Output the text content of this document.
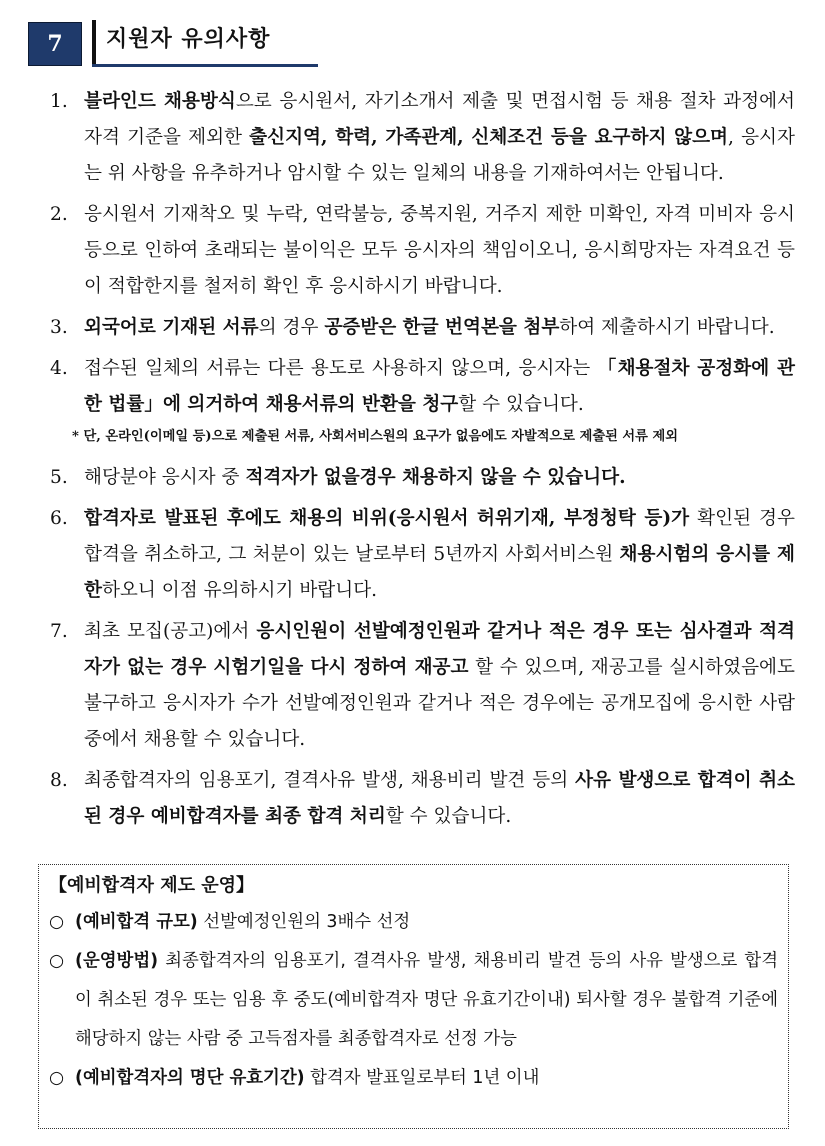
7	지원자 유의사항
1. 블라인드 채용방식으로 응시원서, 자기소개서 제출 및 면접시험 등 채용 절차 과정에서 자격 기준을 제외한 출신지역, 학력, 가족관계, 신체조건 등을 요구하지 않으며, 응시자는 위 사항을 유추하거나 암시할 수 있는 일체의 내용을 기재하여서는 안됩니다.
2. 응시원서 기재착오 및 누락, 연락불능, 중복지원, 거주지 제한 미확인, 자격 미비자 응시 등으로 인하여 초래되는 불이익은 모두 응시자의 책임이오니, 응시희망자는 자격요건 등이 적합한지를 철저히 확인 후 응시하시기 바랍니다.
3. 외국어로 기재된 서류의 경우 공증받은 한글 번역본을 첨부하여 제출하시기 바랍니다.
4. 접수된 일체의 서류는 다른 용도로 사용하지 않으며, 응시자는 「채용절차 공정화에 관한 법률」에 의거하여 채용서류의 반환을 청구할 수 있습니다.
* 단, 온라인(이메일 등)으로 제출된 서류, 사회서비스원의 요구가 없음에도 자발적으로 제출된 서류 제외
5. 해당분야 응시자 중 적격자가 없을경우 채용하지 않을 수 있습니다.
6. 합격자로 발표된 후에도 채용의 비위(응시원서 허위기재, 부정청탁 등)가 확인된 경우 합격을 취소하고, 그 처분이 있는 날로부터 5년까지 사회서비스원 채용시험의 응시를 제한하오니 이점 유의하시기 바랍니다.
7. 최초 모집(공고)에서 응시인원이 선발예정인원과 같거나 적은 경우 또는 심사결과 적격자가 없는 경우 시험기일을 다시 정하여 재공고 할 수 있으며, 재공고를 실시하였음에도 불구하고 응시자가 수가 선발예정인원과 같거나 적은 경우에는 공개모집에 응시한 사람 중에서 채용할 수 있습니다.
8. 최종합격자의 임용포기, 결격사유 발생, 채용비리 발견 등의 사유 발생으로 합격이 취소된 경우 예비합격자를 최종 합격 처리할 수 있습니다.
【예비합격자 제도 운영】
○ (예비합격 규모) 선발예정인원의 3배수 선정
○ (운영방법) 최종합격자의 임용포기, 결격사유 발생, 채용비리 발견 등의 사유 발생으로 합격이 취소된 경우 또는 임용 후 중도(예비합격자 명단 유효기간이내) 퇴사할 경우 불합격 기준에 해당하지 않는 사람 중 고득점자를 최종합격자로 선정 가능
○ (예비합격자의 명단 유효기간) 합격자 발표일로부터 1년 이내
